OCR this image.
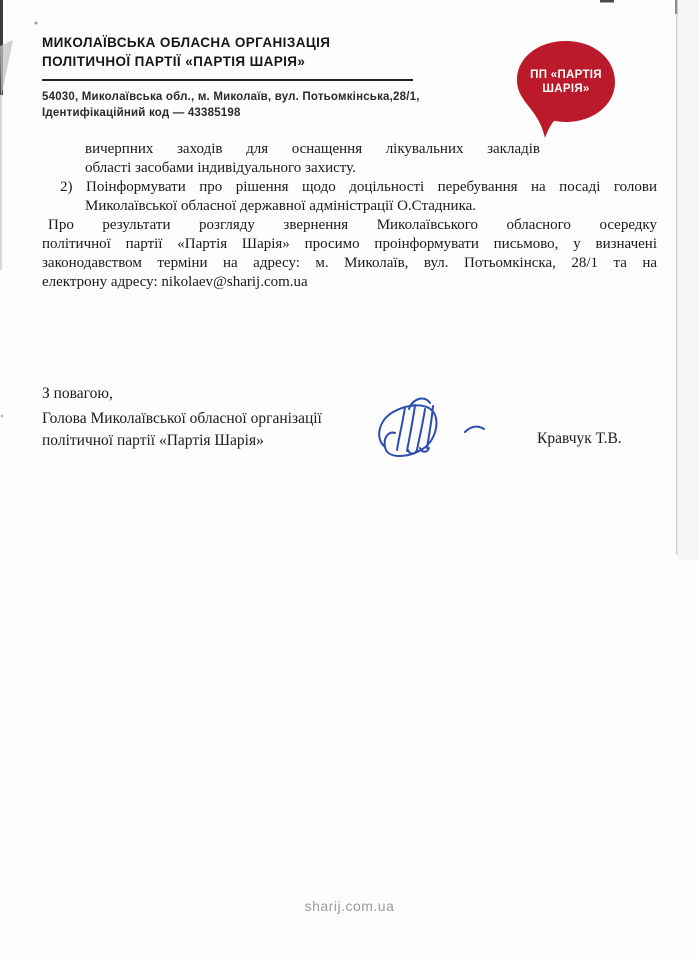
МИКОЛАЇВСЬКА ОБЛАСНА ОРГАНІЗАЦІЯ
ПОЛІТИЧНОЇ ПАРТІЇ «ПАРТІЯ ШАРІЯ»
54030, Миколаївська обл., м. Миколаїв, вул. Потьомкінська,28/1,
Ідентифікаційний код — 43385198
ПП «ПАРТІЯ
ШАРІЯ»
вичерпних заходів для оснащення лікувальних закладів
області засобами індивідуального захисту.
2) Поінформувати про рішення щодо доцільності перебування на посаді голови
Миколаївської обласної державної адміністрації О.Стадника.
Про результати розгляду звернення Миколаївського обласного осередку
політичної партії «Партія Шарія» просимо проінформувати письмово, у визначені
законодавством терміни на адресу: м. Миколаїв, вул. Потьомкінска, 28/1 та на
електрону адресу: nikolaev@sharij.com.ua
З повагою,
Голова Миколаївської обласної організації
політичної партії «Партія Шарія»	Кравчук Т.В.
sharij.com.ua
